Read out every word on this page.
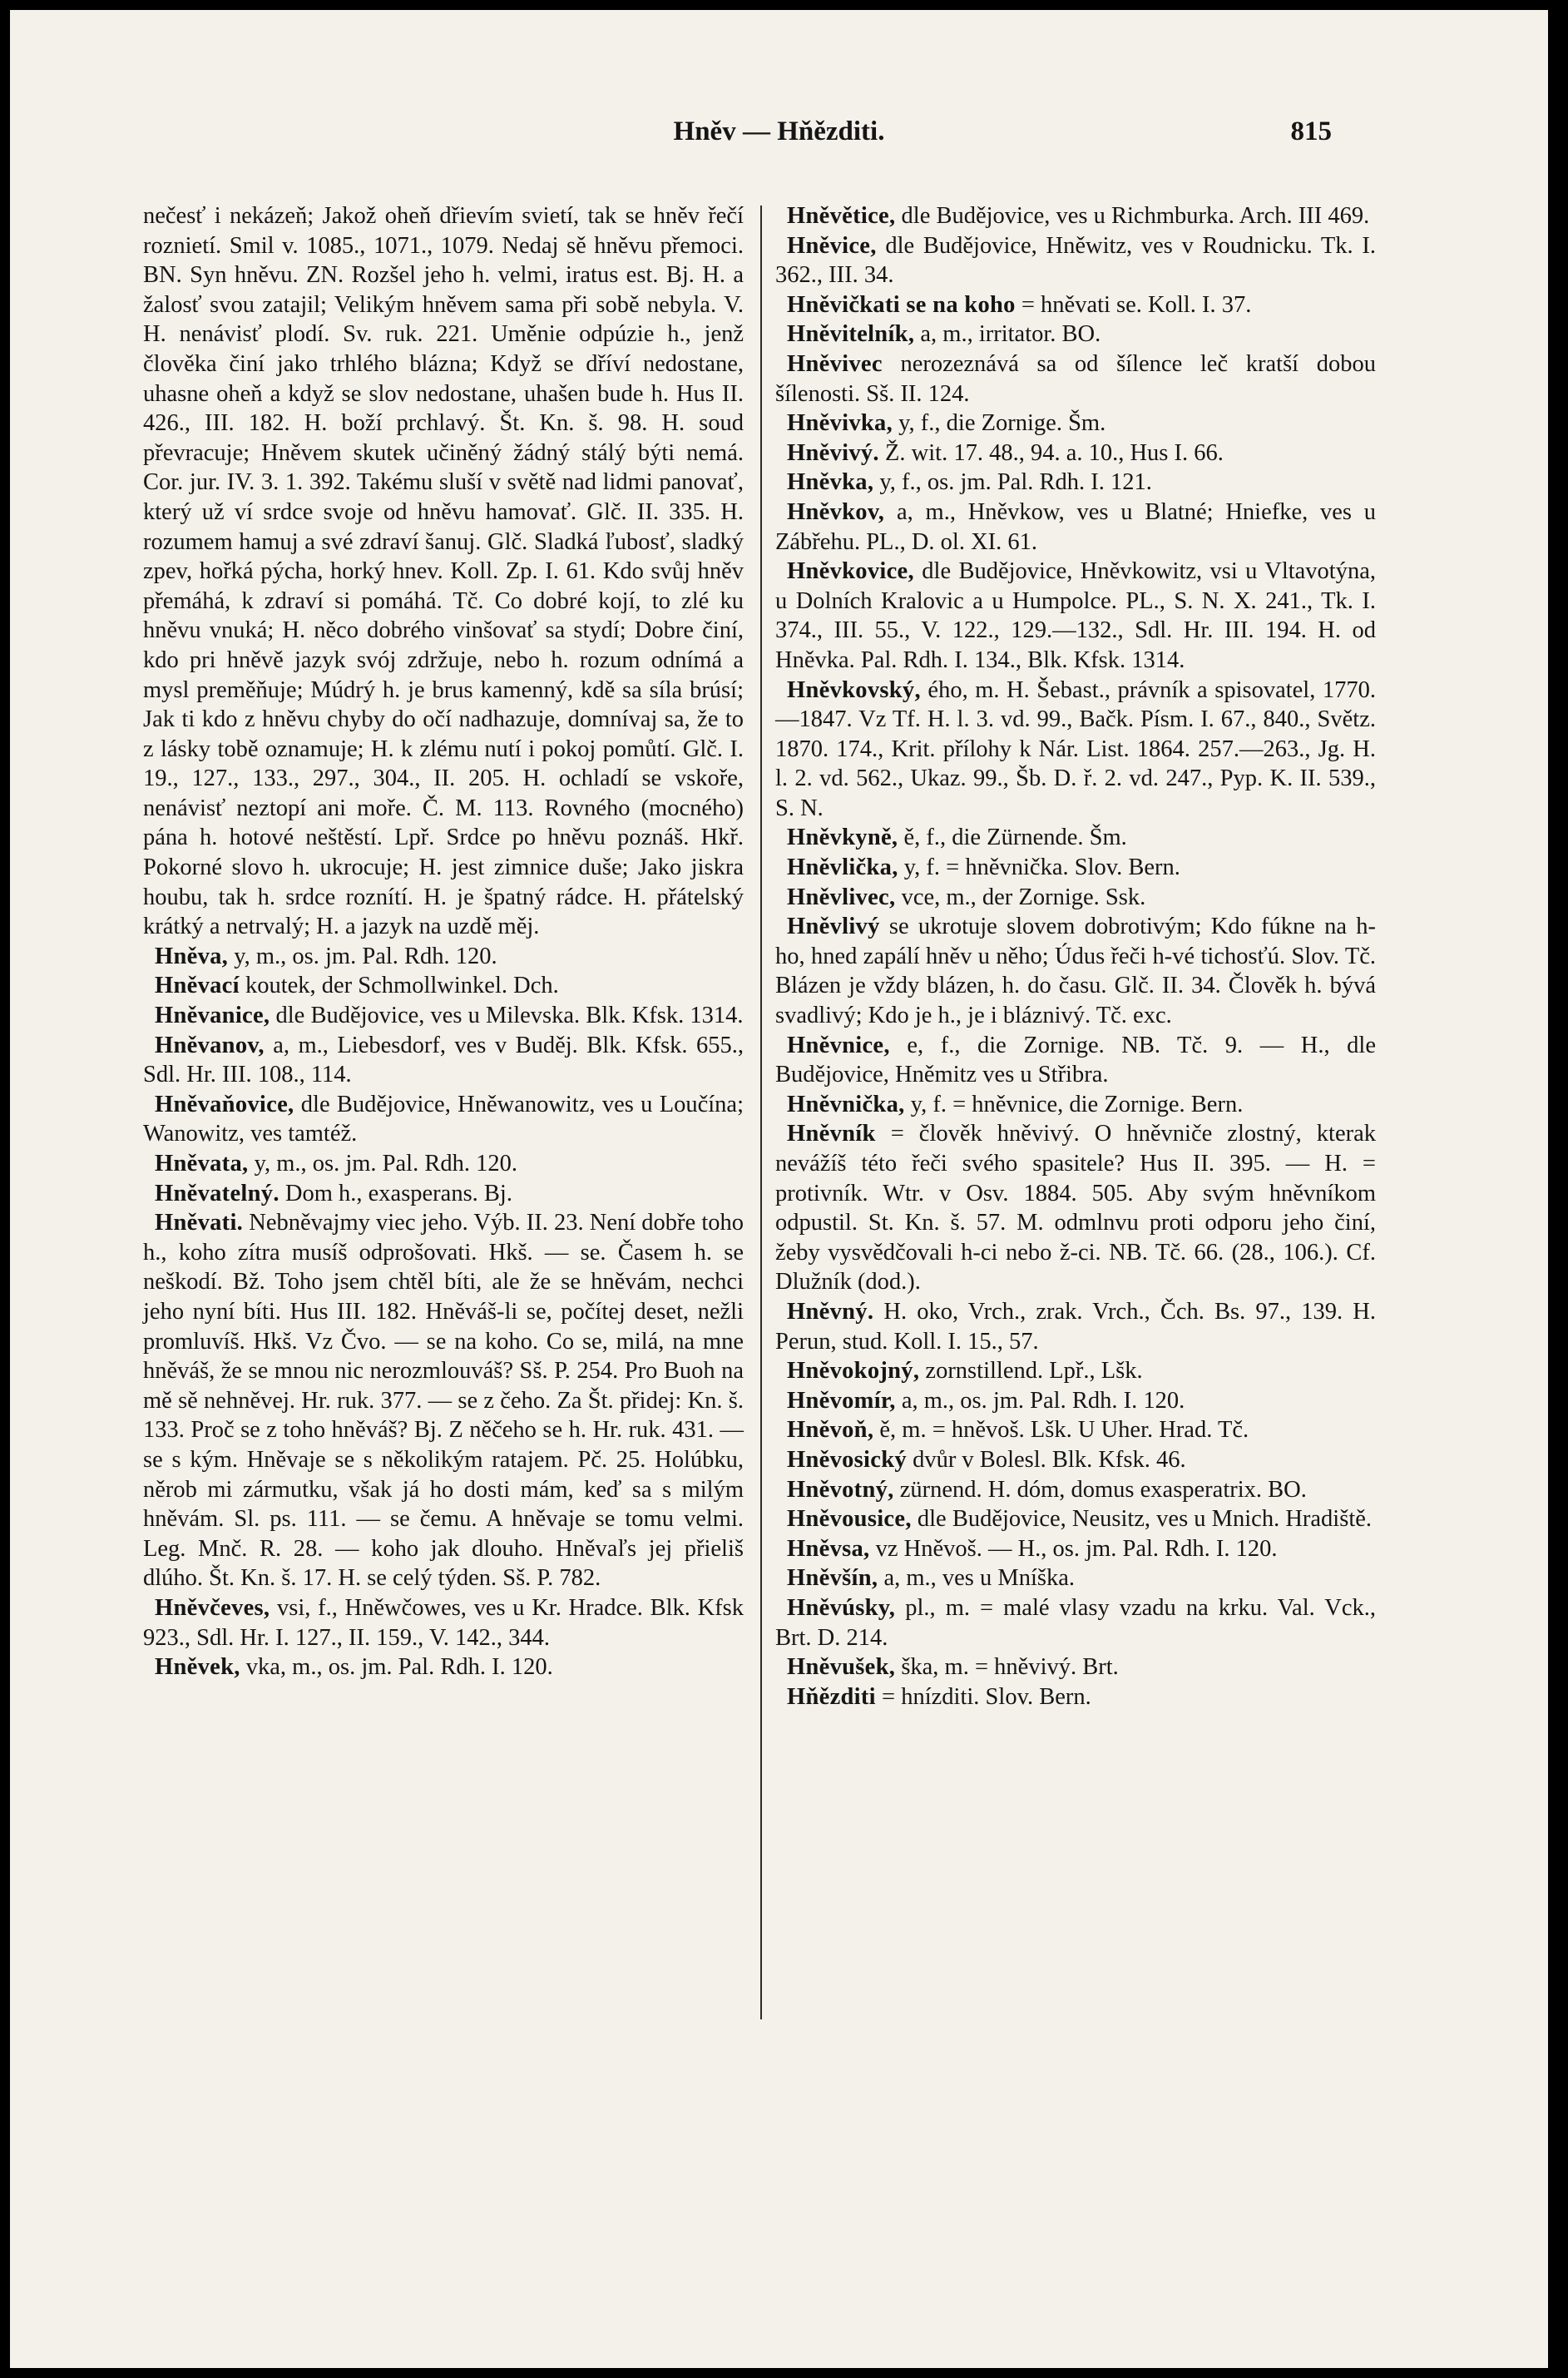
Hněv — Hňězditi.	815

nečesť i nekázeň; Jakož oheň dřievím svietí, tak se hněv řečí roznietí. Smil v. 1085., 1071., 1079. Nedaj sě hněvu přemoci. BN. Syn hněvu. ZN. Rozšel jeho h. velmi, iratus est. Bj. H. a žalosť svou zatajil; Velikým hněvem sama při sobě nebyla. V. H. nenávisť plodí. Sv. ruk. 221. Uměnie odpúzie h., jenž člověka činí jako trhlého blázna; Když se dříví nedostane, uhasne oheň a když se slov nedostane, uhašen bude h. Hus II. 426., III. 182. H. boží prchlavý. Št. Kn. š. 98. H. soud převracuje; Hněvem skutek učiněný žádný stálý býti nemá. Cor. jur. IV. 3. 1. 392. Takému sluší v světě nad lidmi panovať, který už ví srdce svoje od hněvu hamovať. Glč. II. 335. H. rozumem hamuj a své zdraví šanuj. Glč. Sladká ľubosť, sladký zpev, hořká pýcha, horký hnev. Koll. Zp. I. 61. Kdo svůj hněv přemáhá, k zdraví si pomáhá. Tč. Co dobré kojí, to zlé ku hněvu vnuká; H. něco dobrého vinšovať sa stydí; Dobre činí, kdo pri hněvě jazyk svój zdržuje, nebo h. rozum odnímá a mysl preměňuje; Múdrý h. je brus kamenný, kdě sa síla brúsí; Jak ti kdo z hněvu chyby do očí nadhazuje, domnívaj sa, že to z lásky tobě oznamuje; H. k zlému nutí i pokoj pomůtí. Glč. I. 19., 127., 133., 297., 304., II. 205. H. ochladí se vskoře, nenávisť neztopí ani moře. Č. M. 113. Rovného (mocného) pána h. hotové neštěstí. Lpř. Srdce po hněvu poznáš. Hkř. Pokorné slovo h. ukrocuje; H. jest zimnice duše; Jako jiskra houbu, tak h. srdce roznítí. H. je špatný rádce. H. přátelský krátký a netrvalý; H. a jazyk na uzdě měj.

Hněva, y, m., os. jm. Pal. Rdh. 120.

Hněvací koutek, der Schmollwinkel. Dch.

Hněvanice, dle Budějovice, ves u Milevska. Blk. Kfsk. 1314.

Hněvanov, a, m., Liebesdorf, ves v Buděj. Blk. Kfsk. 655., Sdl. Hr. III. 108., 114.

Hněvaňovice, dle Budějovice, Hněwanowitz, ves u Loučína; Wanowitz, ves tamtéž.

Hněvata, y, m., os. jm. Pal. Rdh. 120.

Hněvatelný. Dom h., exasperans. Bj.

Hněvati. Nebněvajmy viec jeho. Výb. II. 23. Není dobře toho h., koho zítra musíš odprošovati. Hkš. — se. Časem h. se neškodí. Bž. Toho jsem chtěl bíti, ale že se hněvám, nechci jeho nyní bíti. Hus III. 182. Hněváš-li se, počítej deset, nežli promluvíš. Hkš. Vz Čvo. — se na koho. Co se, milá, na mne hněváš, že se mnou nic nerozmlouváš? Sš. P. 254. Pro Buoh na mě sě nehněvej. Hr. ruk. 377. — se z čeho. Za Št. přidej: Kn. š. 133. Proč se z toho hněváš? Bj. Z něčeho se h. Hr. ruk. 431. — se s kým. Hněvaje se s několikým ratajem. Pč. 25. Holúbku, něrob mi zármutku, však já ho dosti mám, keď sa s milým hněvám. Sl. ps. 111. — se čemu. A hněvaje se tomu velmi. Leg. Mnč. R. 28. — koho jak dlouho. Hněvaľs jej přieliš dlúho. Št. Kn. š. 17. H. se celý týden. Sš. P. 782.

Hněvčeves, vsi, f., Hněwčowes, ves u Kr. Hradce. Blk. Kfsk 923., Sdl. Hr. I. 127., II. 159., V. 142., 344.

Hněvek, vka, m., os. jm. Pal. Rdh. I. 120.

Hněvětice, dle Budějovice, ves u Richmburka. Arch. III 469.

Hněvice, dle Budějovice, Hněwitz, ves v Roudnicku. Tk. I. 362., III. 34.

Hněvičkati se na koho = hněvati se. Koll. I. 37.

Hněvitelník, a, m., irritator. BO.

Hněvivec nerozeznává sa od šílence leč kratší dobou šílenosti. Sš. II. 124.

Hněvivka, y, f., die Zornige. Šm.

Hněvivý. Ž. wit. 17. 48., 94. a. 10., Hus I. 66.

Hněvka, y, f., os. jm. Pal. Rdh. I. 121.

Hněvkov, a, m., Hněvkow, ves u Blatné; Hniefke, ves u Zábřehu. PL., D. ol. XI. 61.

Hněvkovice, dle Budějovice, Hněvkowitz, vsi u Vltavotýna, u Dolních Kralovic a u Humpolce. PL., S. N. X. 241., Tk. I. 374., III. 55., V. 122., 129.—132., Sdl. Hr. III. 194. H. od Hněvka. Pal. Rdh. I. 134., Blk. Kfsk. 1314.

Hněvkovský, ého, m. H. Šebast., právník a spisovatel, 1770.—1847. Vz Tf. H. l. 3. vd. 99., Bačk. Písm. I. 67., 840., Světz. 1870. 174., Krit. přílohy k Nár. List. 1864. 257.—263., Jg. H. l. 2. vd. 562., Ukaz. 99., Šb. D. ř. 2. vd. 247., Pyp. K. II. 539., S. N.

Hněvkyně, ě, f., die Zürnende. Šm.

Hněvlička, y, f. = hněvnička. Slov. Bern.

Hněvlivec, vce, m., der Zornige. Ssk.

Hněvlivý se ukrotuje slovem dobrotivým; Kdo fúkne na h-ho, hned zapálí hněv u něho; Údus řeči h-vé tichosťú. Slov. Tč. Blázen je vždy blázen, h. do času. Glč. II. 34. Člověk h. bývá svadlivý; Kdo je h., je i bláznivý. Tč. exc.

Hněvnice, e, f., die Zornige. NB. Tč. 9. — H., dle Budějovice, Hněmitz ves u Střibra.

Hněvnička, y, f. = hněvnice, die Zornige. Bern.

Hněvník = člověk hněvivý. O hněvniče zlostný, kterak nevážíš této řeči svého spasitele? Hus II. 395. — H. = protivník. Wtr. v Osv. 1884. 505. Aby svým hněvníkom odpustil. St. Kn. š. 57. M. odmlnvu proti odporu jeho činí, žeby vysvědčovali h-ci nebo ž-ci. NB. Tč. 66. (28., 106.). Cf. Dlužník (dod.).

Hněvný. H. oko, Vrch., zrak. Vrch., Čch. Bs. 97., 139. H. Perun, stud. Koll. I. 15., 57.

Hněvokojný, zornstillend. Lpř., Lšk.

Hněvomír, a, m., os. jm. Pal. Rdh. I. 120.

Hněvoň, ě, m. = hněvoš. Lšk. U Uher. Hrad. Tč.

Hněvosický dvůr v Bolesl. Blk. Kfsk. 46.

Hněvotný, zürnend. H. dóm, domus exasperatrix. BO.

Hněvousice, dle Budějovice, Neusitz, ves u Mnich. Hradiště.

Hněvsa, vz Hněvoš. — H., os. jm. Pal. Rdh. I. 120.

Hněvšín, a, m., ves u Mníška.

Hněvúsky, pl., m. = malé vlasy vzadu na krku. Val. Vck., Brt. D. 214.

Hněvušek, ška, m. = hněvivý. Brt.

Hňězditi = hnízditi. Slov. Bern.
